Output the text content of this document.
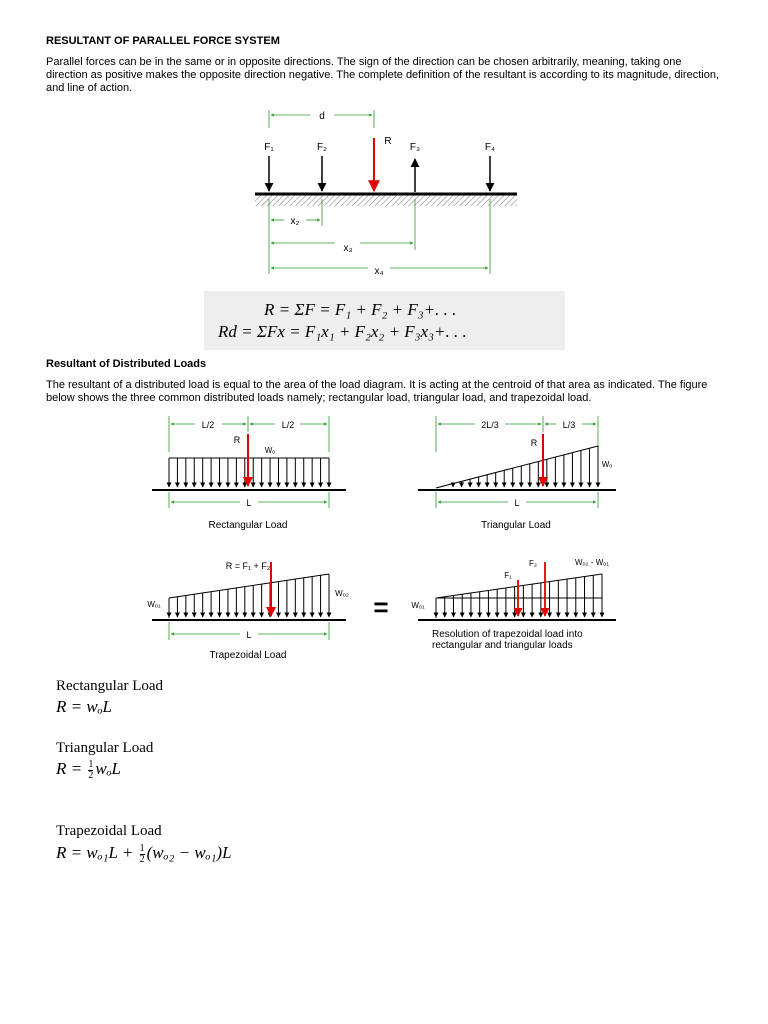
RESULTANT OF PARALLEL FORCE SYSTEM
Parallel forces can be in the same or in opposite directions. The sign of the direction can be chosen arbitrarily, meaning, taking one direction as positive makes the opposite direction negative. The complete definition of the resultant is according to its magnitude, direction, and line of action.
d
F₁	F₂
R
F₃	F₄
x₂
x₃
x₄
R = ΣF = F₁ + F₂ + F₃+. . .
Rd = ΣFx = F₁x₁ + F₂x₂ + F₃x₃+. . .
Resultant of Distributed Loads
The resultant of a distributed load is equal to the area of the load diagram. It is acting at the centroid of that area as indicated. The figure below shows the three common distributed loads namely; rectangular load, triangular load, and trapezoidal load.
L/2	L/2
R
Wₒ
L
Rectangular Load
2L/3	L/3
R
Wₒ
L
Triangular Load
R = F₁ + F₂
Wₒ₁
Wₒ₂
L
Trapezoidal Load
=	Wₒ₁
Wₒ₂ - Wₒ₁
F₁
F₂
Resolution of trapezoidal load into
rectangular and triangular loads
Rectangular Load
R = wₒL
Triangular Load
$R = \frac{1}{2}$ wₒL
Trapezoidal Load
$R = w_{o1}L + \frac{1}{2} (w_{o2} - w_{o1})L$
